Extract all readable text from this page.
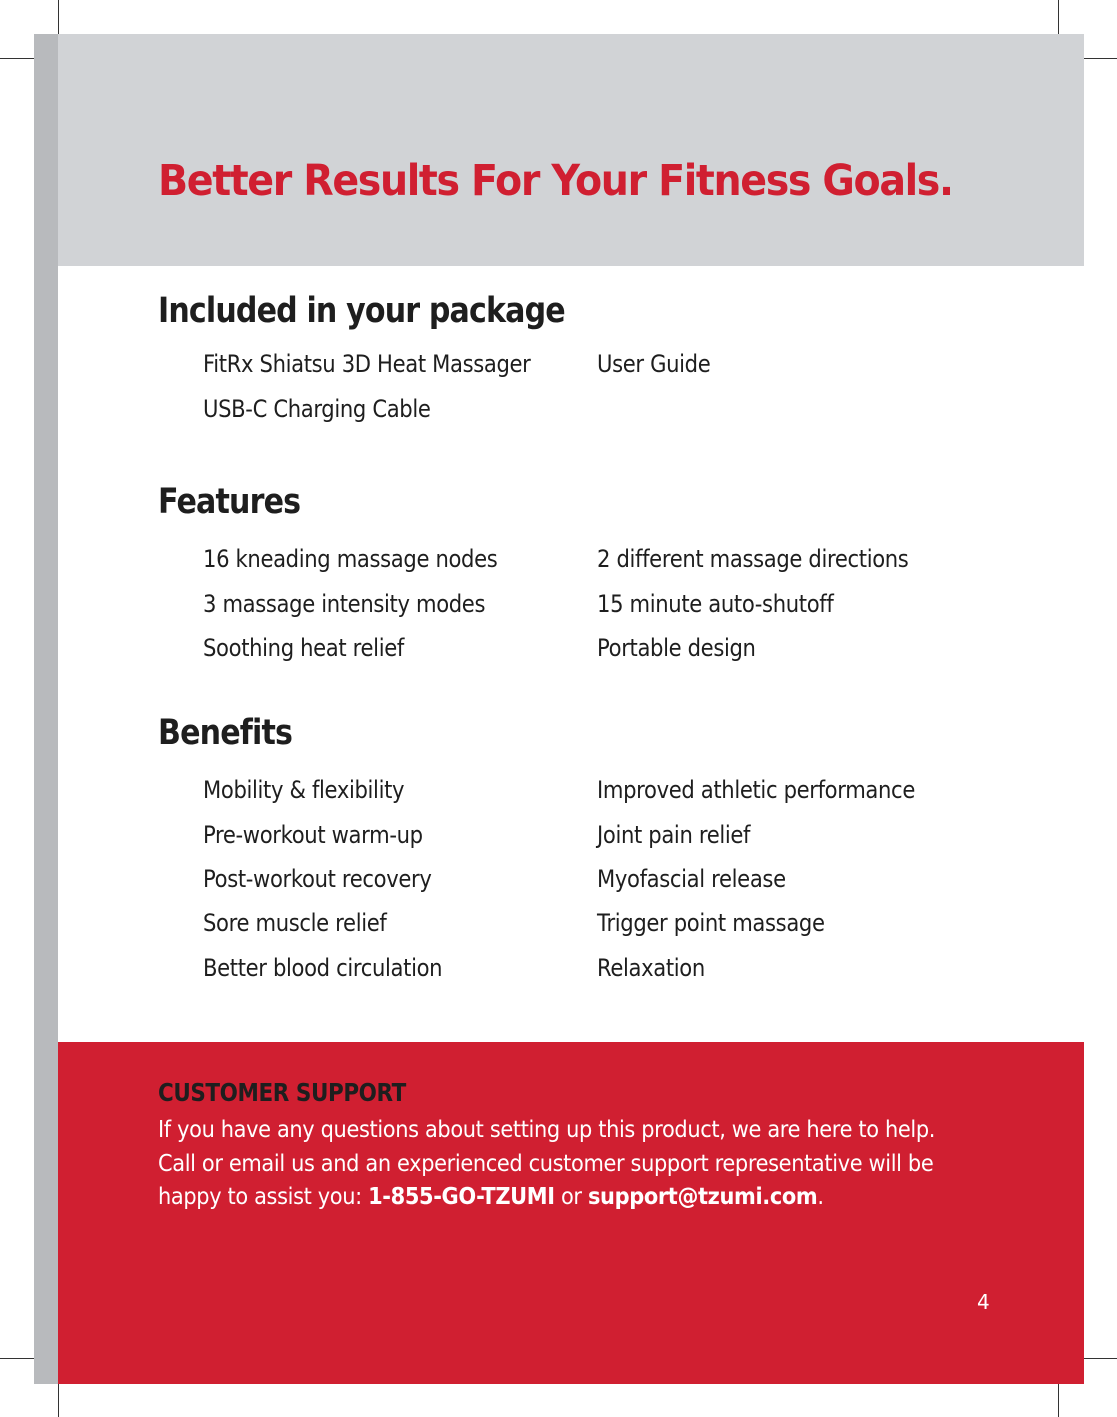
Better Results For Your Fitness Goals.
Included in your package

FitRx Shiatsu 3D Heat Massager

USB-C Charging Cable

User Guide

Features

16 kneading massage nodes

3 massage intensity modes

Soothing heat relief

2 different massage directions

15 minute auto-shutoff

Portable design

Benefits

Mobility & flexibility

Pre-workout warm-up

Post-workout recovery

Sore muscle relief

Better blood circulation

Improved athletic performance

Joint pain relief

Myofascial release

Trigger point massage

Relaxation

CUSTOMER SUPPORT

If you have any questions about setting up this product, we are here to help.
Call or email us and an experienced customer support representative will be
happy to assist you: 1-855-GO-TZUMI or support@tzumi.com.

4
